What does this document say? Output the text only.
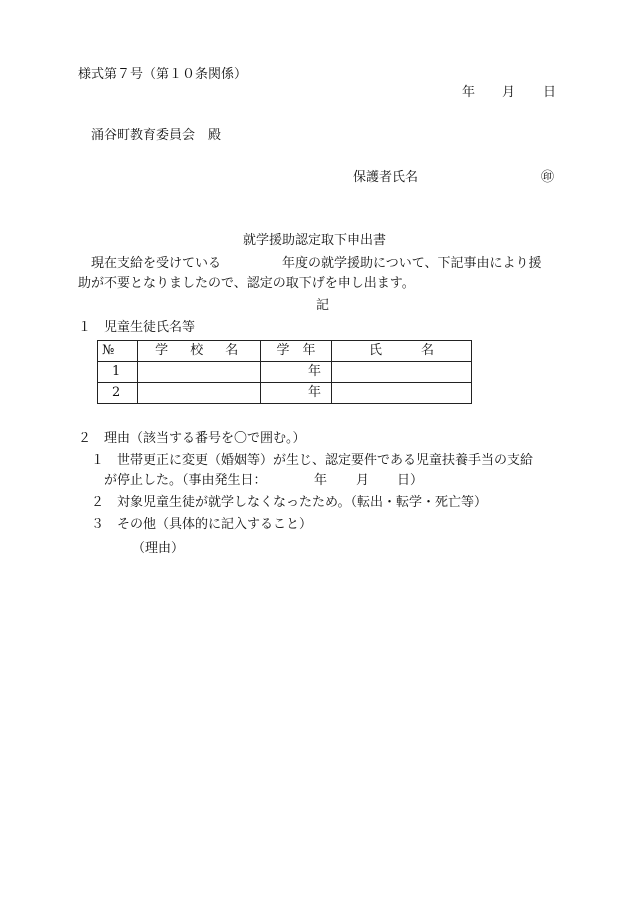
様式第７号（第１０条関係）
年 月 日
涌谷町教育委員会　殿
保護者氏名	㊞
就学援助認定取下申出書
現在支給を受けている	年度の就学援助について、下記事由により援
助が不要となりましたので、認定の取下げを申し出ます。
記
１　児童生徒氏名等
№	学　校　名	学　年	氏　　　名
1		年	
2		年	
２　理由（該当する番号を〇で囲む。）
１　世帯更正に変更（婚姻等）が生じ、認定要件である児童扶養手当の支給
が停止した。（事由発生日：	年 月 日）
２　対象児童生徒が就学しなくなったため。（転出・転学・死亡等）
３　その他（具体的に記入すること）
（理由）
